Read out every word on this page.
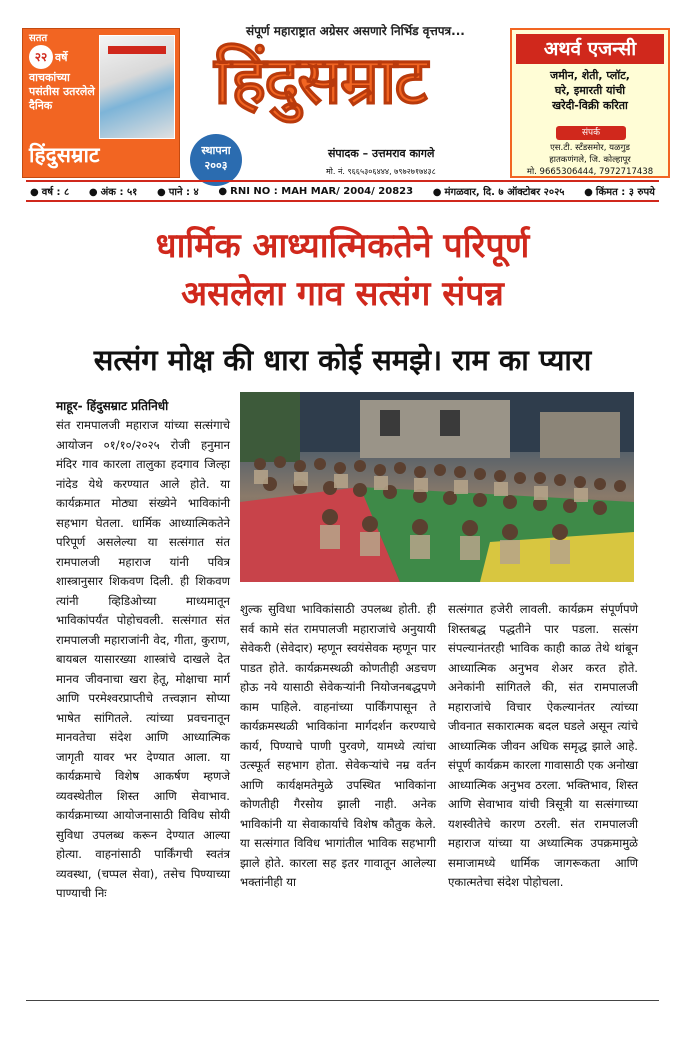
सतत
२२ वर्षे
वाचकांच्या पसंतीस उतरलेले दैनिक
हिंदुसम्राट
संपूर्ण महाराष्ट्रात अग्रेसर असणारे निर्भिड वृत्तपत्र...
हिंदुसम्राट
स्थापना
२००३
संपादक – उत्तमराव कागले
मो. नं. ९६६५३०६४४४, ७९७२७१७४३८
अथर्व एजन्सी
जमीन, शेती, प्लॉट,
घरे, इमारती यांची
खरेदी-विक्री करिता
संपर्क
एस.टी. स्टँडसमोर, यळगुड
हातकणंगले, जि. कोल्हापूर
मो. 9665306444, 7972717438
● वर्ष : ८ ● अंक : ५१ ● पाने : ४ ● RNI NO : MAH MAR/ 2004/ 20823 ● मंगळवार, दि. ७ ऑक्टोबर २०२५ ● किंमत : ३ रुपये
धार्मिक आध्यात्मिकतेने परिपूर्ण
असलेला गाव सत्संग संपन्न
सत्संग मोक्ष की धारा कोई समझे। राम का प्यारा
माहूर- हिंदुसम्राट प्रतिनिधी
संत रामपालजी महाराज यांच्या सत्संगाचे आयोजन ०१/१०/२०२५ रोजी हनुमान मंदिर गाव कारला तालुका हदगाव जिल्हा नांदेड येथे करण्यात आले होते. या कार्यक्रमात मोठ्या संख्येने भाविकांनी सहभाग घेतला. धार्मिक आध्यात्मिकतेने परिपूर्ण असलेल्या या सत्संगात संत रामपालजी महाराज यांनी पवित्र शास्त्रानुसार शिकवण दिली. ही शिकवण त्यांनी व्हिडिओच्या माध्यमातून भाविकांपर्यंत पोहोचवली. सत्संगात संत रामपालजी महाराजांनी वेद, गीता, कुराण, बायबल यासारख्या शास्त्रांचे दाखले देत मानव जीवनाचा खरा हेतू, मोक्षाचा मार्ग आणि परमेश्वरप्राप्तीचे तत्त्वज्ञान सोप्या भाषेत सांगितले. त्यांच्या प्रवचनातून मानवतेचा संदेश आणि आध्यात्मिक जागृती यावर भर देण्यात आला. या कार्यक्रमाचे विशेष आकर्षण म्हणजे व्यवस्थेतील शिस्त आणि सेवाभाव. कार्यक्रमाच्या आयोजनासाठी विविध सोयी सुविधा उपलब्ध करून देण्यात आल्या होत्या. वाहनांसाठी पार्किंगची स्वतंत्र व्यवस्था, (चप्पल सेवा), तसेच पिण्याच्या पाण्याची निः
शुल्क सुविधा भाविकांसाठी उपलब्ध होती. ही सर्व कामे संत रामपालजी महाराजांचे अनुयायी सेवेकरी (सेवेदार) म्हणून स्वयंसेवक म्हणून पार पाडत होते. कार्यक्रमस्थळी कोणतीही अडचण होऊ नये यासाठी सेवेकऱ्यांनी नियोजनबद्धपणे काम पाहिले. वाहनांच्या पार्किंगपासून ते कार्यक्रमस्थळी भाविकांना मार्गदर्शन करण्याचे कार्य, पिण्याचे पाणी पुरवणे, यामध्ये त्यांचा उत्स्फूर्त सहभाग होता. सेवेकऱ्यांचे नम्र वर्तन आणि कार्यक्षमतेमुळे उपस्थित भाविकांना कोणतीही गैरसोय झाली नाही. अनेक भाविकांनी या सेवाकार्याचे विशेष कौतुक केले. या सत्संगात विविध भागांतील भाविक सहभागी झाले होते. कारला सह इतर गावातून आलेल्या भक्तांनीही या
सत्संगात हजेरी लावली. कार्यक्रम संपूर्णपणे शिस्तबद्ध पद्धतीने पार पडला. सत्संग संपल्यानंतरही भाविक काही काळ तेथे थांबून आध्यात्मिक अनुभव शेअर करत होते. अनेकांनी सांगितले की, संत रामपालजी महाराजांचे विचार ऐकल्यानंतर त्यांच्या जीवनात सकारात्मक बदल घडले असून त्यांचे आध्यात्मिक जीवन अधिक समृद्ध झाले आहे. संपूर्ण कार्यक्रम कारला गावासाठी एक अनोखा आध्यात्मिक अनुभव ठरला. भक्तिभाव, शिस्त आणि सेवाभाव यांची त्रिसूत्री या सत्संगाच्या यशस्वीतेचे कारण ठरली. संत रामपालजी महाराज यांच्या या अध्यात्मिक उपक्रमामुळे समाजामध्ये धार्मिक जागरूकता आणि एकात्मतेचा संदेश पोहोचला.
